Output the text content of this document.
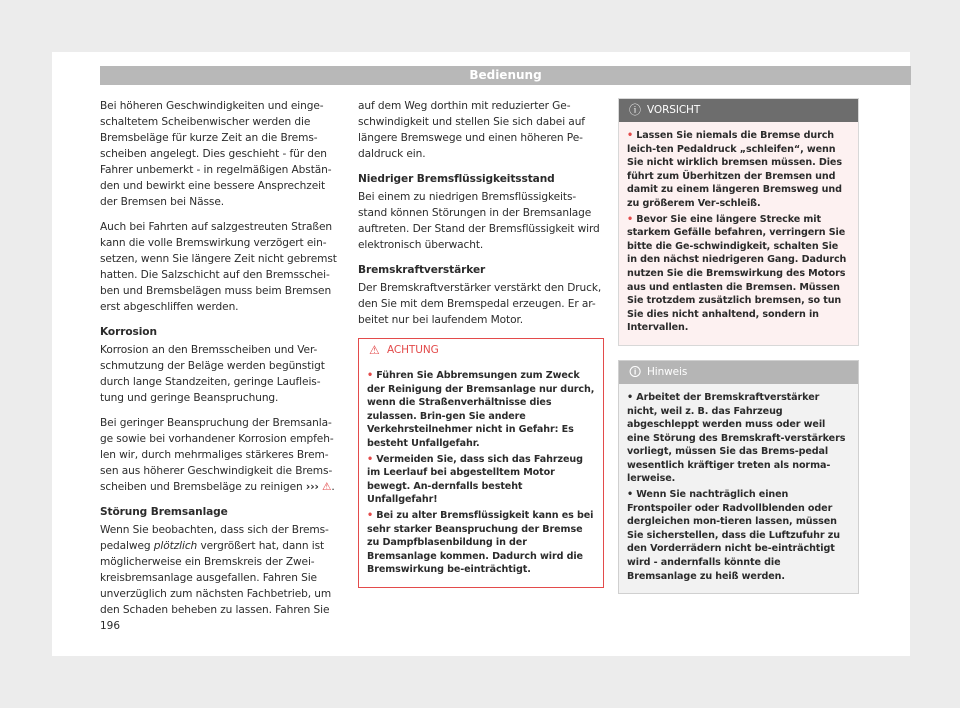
Bedienung

Bei höheren Geschwindigkeiten und einge-schaltetem Scheibenwischer werden die Bremsbeläge für kurze Zeit an die Brems-scheiben angelegt. Dies geschieht - für den Fahrer unbemerkt - in regelmäßigen Abstän-den und bewirkt eine bessere Ansprechzeit der Bremsen bei Nässe.

Auch bei Fahrten auf salzgestreuten Straßen kann die volle Bremswirkung verzögert ein-setzen, wenn Sie längere Zeit nicht gebremst hatten. Die Salzschicht auf den Bremsschei-ben und Bremsbelägen muss beim Bremsen erst abgeschliffen werden.

Korrosion

Korrosion an den Bremsscheiben und Ver-schmutzung der Beläge werden begünstigt durch lange Standzeiten, geringe Laufleis-tung und geringe Beanspruchung.

Bei geringer Beanspruchung der Bremsanla-ge sowie bei vorhandener Korrosion empfeh-len wir, durch mehrmaliges stärkeres Brem-sen aus höherer Geschwindigkeit die Brems-scheiben und Bremsbeläge zu reinigen ››› ⚠.

Störung Bremsanlage

Wenn Sie beobachten, dass sich der Brems-pedalweg plötzlich vergrößert hat, dann ist möglicherweise ein Bremskreis der Zwei-kreisbremsanlage ausgefallen. Fahren Sie unverzüglich zum nächsten Fachbetrieb, um den Schaden beheben zu lassen. Fahren Sie

auf dem Weg dorthin mit reduzierter Ge-schwindigkeit und stellen Sie sich dabei auf längere Bremswege und einen höheren Pe-daldruck ein.

Niedriger Bremsflüssigkeitsstand

Bei einem zu niedrigen Bremsflüssigkeits-stand können Störungen in der Bremsanlage auftreten. Der Stand der Bremsflüssigkeit wird elektronisch überwacht.

Bremskraftverstärker

Der Bremskraftverstärker verstärkt den Druck, den Sie mit dem Bremspedal erzeugen. Er ar-beitet nur bei laufendem Motor.

⚠ ACHTUNG
• Führen Sie Abbremsungen zum Zweck der Reinigung der Bremsanlage nur durch, wenn die Straßenverhältnisse dies zulassen. Brin-gen Sie andere Verkehrsteilnehmer nicht in Gefahr: Es besteht Unfallgefahr.
• Vermeiden Sie, dass sich das Fahrzeug im Leerlauf bei abgestelltem Motor bewegt. An-dernfalls besteht Unfallgefahr!
• Bei zu alter Bremsflüssigkeit kann es bei sehr starker Beanspruchung der Bremse zu Dampfblasenbildung in der Bremsanlage kommen. Dadurch wird die Bremswirkung be-einträchtigt.
ⓘ VORSICHT
• Lassen Sie niemals die Bremse durch leich-ten Pedaldruck „schleifen“, wenn Sie nicht wirklich bremsen müssen. Dies führt zum Überhitzen der Bremsen und damit zu einem längeren Bremsweg und zu größerem Ver-schleiß.
• Bevor Sie eine längere Strecke mit starkem Gefälle befahren, verringern Sie bitte die Ge-schwindigkeit, schalten Sie in den nächst niedrigeren Gang. Dadurch nutzen Sie die Bremswirkung des Motors aus und entlasten die Bremsen. Müssen Sie trotzdem zusätzlich bremsen, so tun Sie dies nicht anhaltend, sondern in Intervallen.
🛈 Hinweis
• Arbeitet der Bremskraftverstärker nicht, weil z. B. das Fahrzeug abgeschleppt werden muss oder weil eine Störung des Bremskraft-verstärkers vorliegt, müssen Sie das Brems-pedal wesentlich kräftiger treten als norma-lerweise.
• Wenn Sie nachträglich einen Frontspoiler oder Radvollblenden oder dergleichen mon-tieren lassen, müssen Sie sicherstellen, dass die Luftzufuhr zu den Vorderrädern nicht be-einträchtigt wird - andernfalls könnte die Bremsanlage zu heiß werden.
196
